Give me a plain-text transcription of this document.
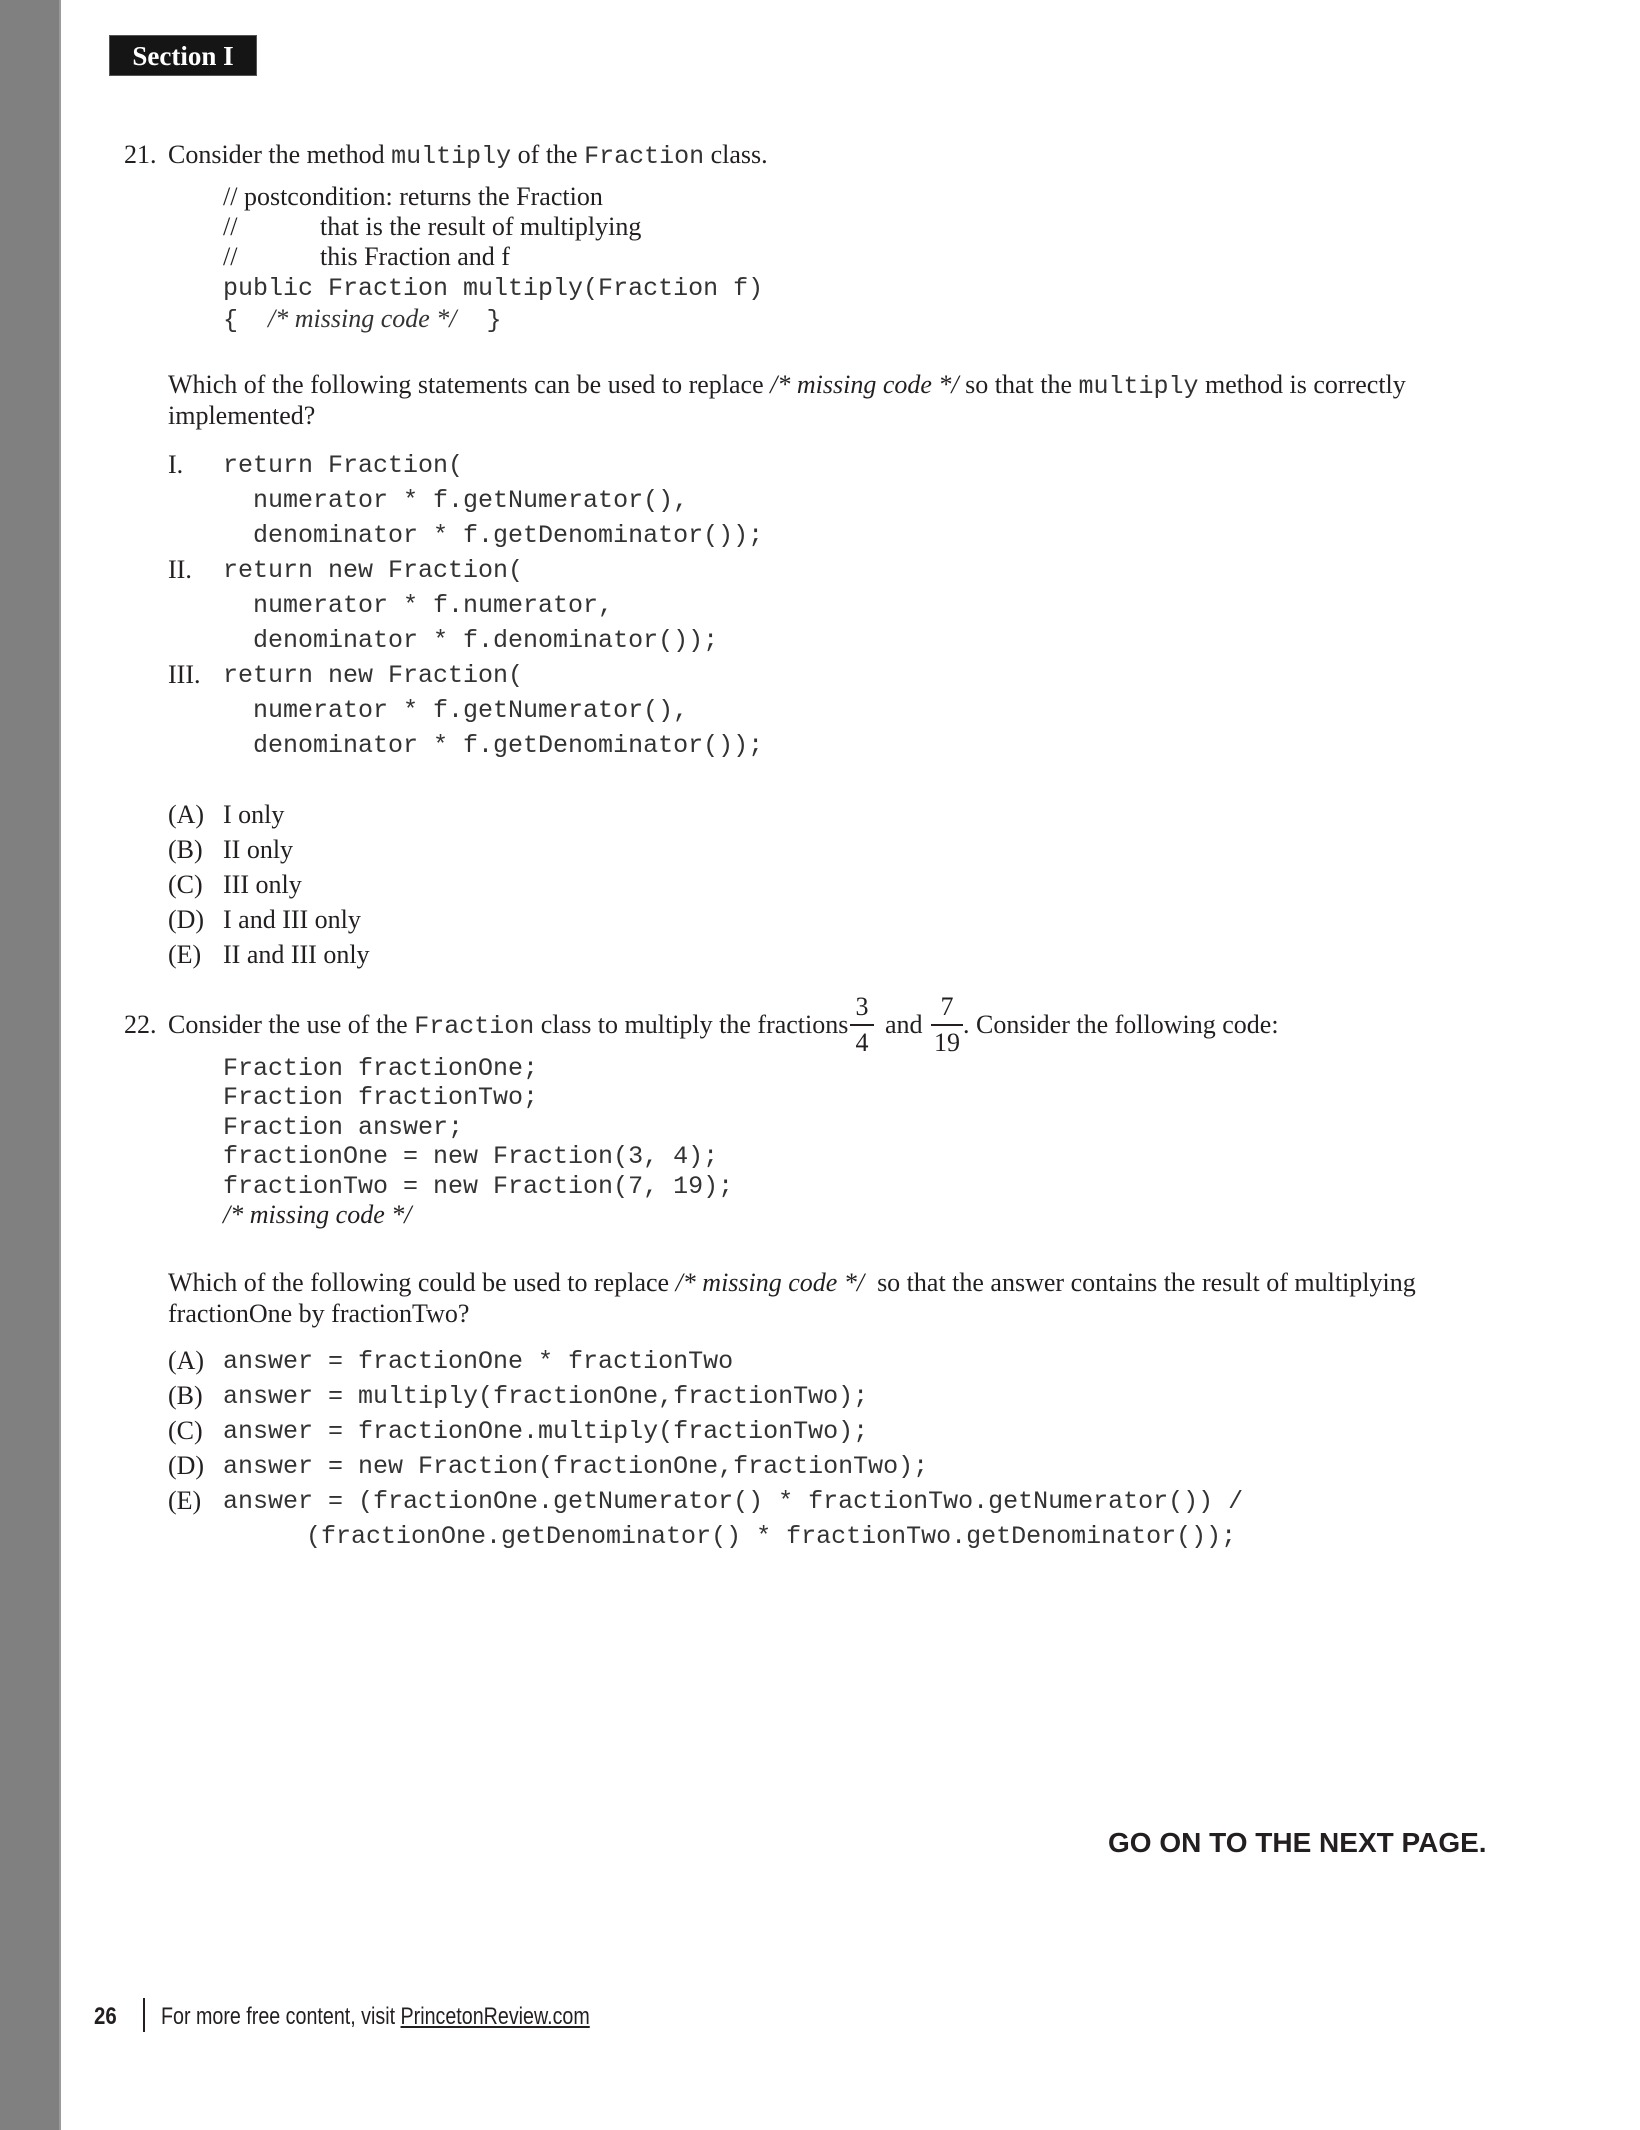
Section I
21. Consider the method multiply of the Fraction class.
// postcondition: returns the Fraction
//	that is the result of multiplying
//	this Fraction and f
public Fraction multiply(Fraction f)
{  /* missing code */  }
Which of the following statements can be used to replace /* missing code */ so that the multiply method is correctly
implemented?
I. return Fraction(
numerator * f.getNumerator(),
denominator * f.getDenominator());
II. return new Fraction(
numerator * f.numerator,
denominator * f.denominator());
III. return new Fraction(
numerator * f.getNumerator(),
denominator * f.getDenominator());
(A) I only
(B) II only
(C) III only
(D) I and III only
(E) II and III only
22. Consider the use of the Fraction class to multiply the fractions
3
4
and
7
19
. Consider the following code:
Fraction fractionOne;
Fraction fractionTwo;
Fraction answer;
fractionOne = new Fraction(3, 4);
fractionTwo = new Fraction(7, 19);
/* missing code */
Which of the following could be used to replace /* missing code */  so that the answer contains the result of multiplying
fractionOne by fractionTwo?
(A) answer = fractionOne * fractionTwo
(B) answer = multiply(fractionOne,fractionTwo);
(C) answer = fractionOne.multiply(fractionTwo);
(D) answer = new Fraction(fractionOne,fractionTwo);
(E) answer = (fractionOne.getNumerator() * fractionTwo.getNumerator()) /
(fractionOne.getDenominator() * fractionTwo.getDenominator());
GO ON TO THE NEXT PAGE.
26 For more free content, visit PrincetonReview.com
